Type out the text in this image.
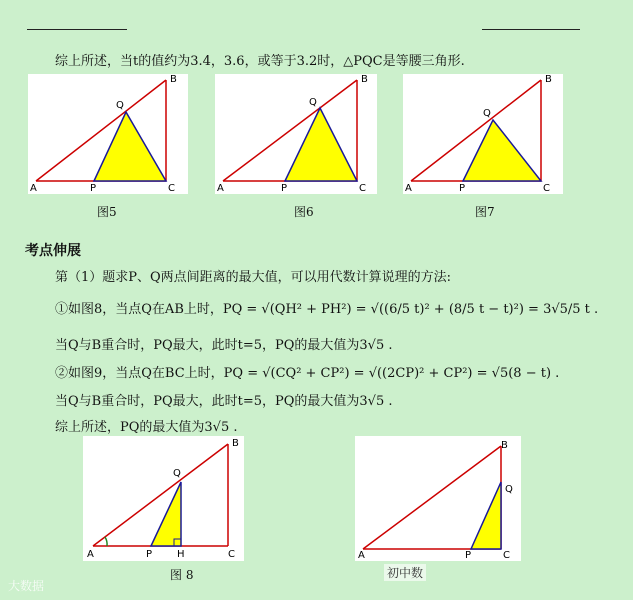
综上所述，当t的值约为3.4，3.6，或等于3.2时，△PQC是等腰三角形.
A
B
C
P
Q
图5
A
B
C
P
Q
图6
A
B
C
P
Q
图7
考点伸展
第（1）题求P、Q两点间距离的最大值，可以用代数计算说理的方法:
①如图8，当点Q在AB上时，PQ = √(QH² + PH²) = √((6/5 t)² + (8/5 t − t)²) = 3√5/5 t .
当Q与B重合时，PQ最大，此时t=5，PQ的最大值为3√5 .
②如图9，当点Q在BC上时，PQ = √(CQ² + CP²) = √((2CP)² + CP²) = √5(8 − t) .
当Q与B重合时，PQ最大，此时t=5，PQ的最大值为3√5 .
综上所述，PQ的最大值为3√5 .
A
B
C
P
Q
H
图 8
A
B
C
P
Q
大数据
初中数
